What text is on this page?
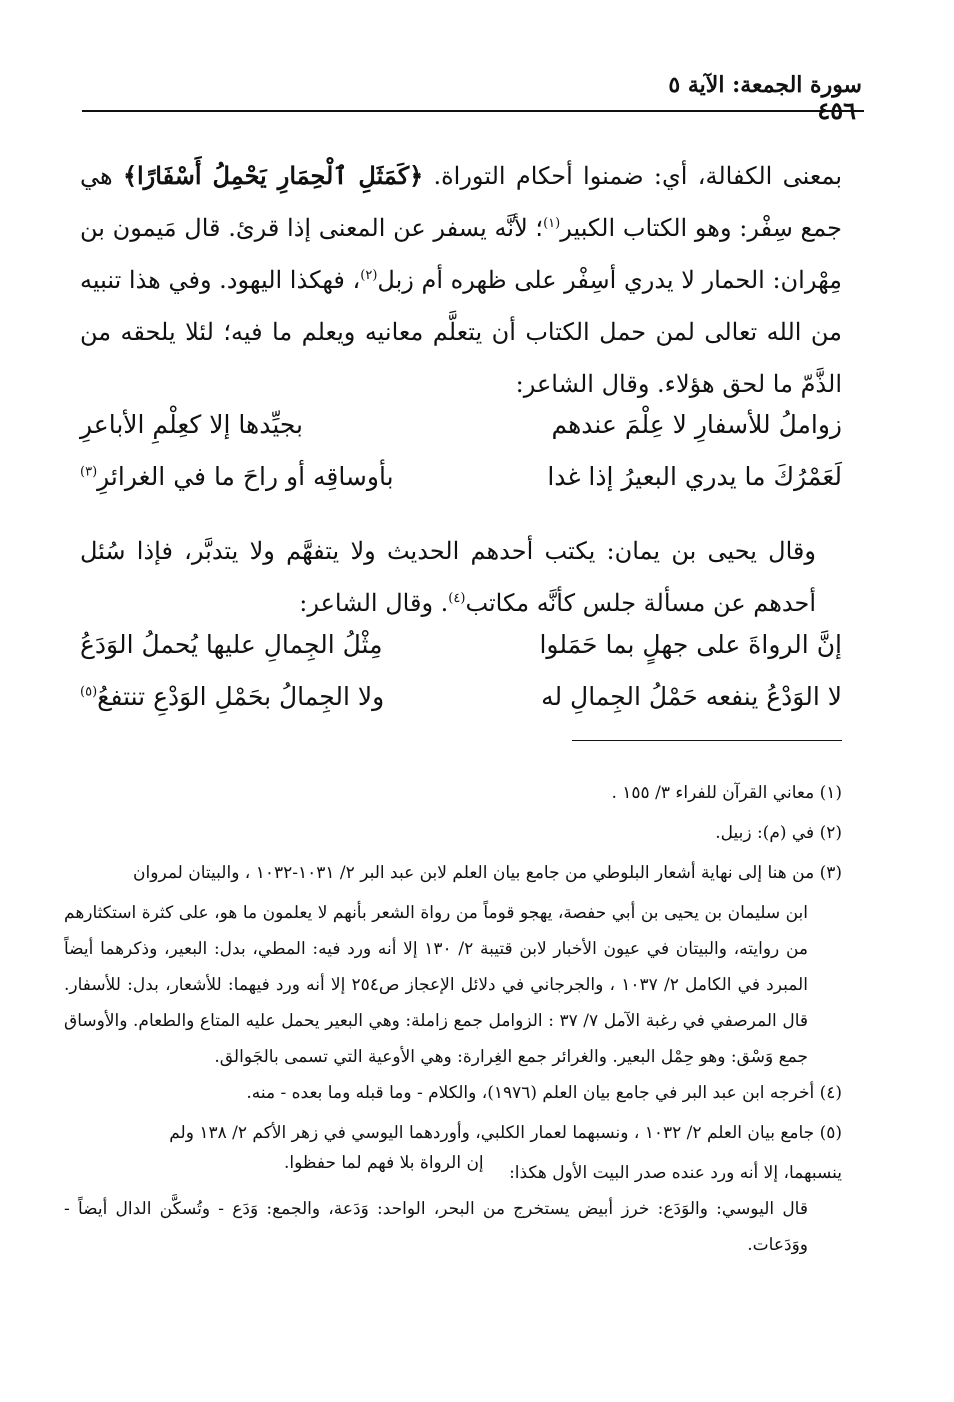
سورة الجمعة: الآية ٥
٤٥٦

بمعنى الكفالة، أي: ضمنوا أحكام التوراة. ﴿كَمَثَلِ ٱلْحِمَارِ يَحْمِلُ أَسْفَارًا﴾ هي جمع سِفْر: وهو الكتاب الكبير$^{(١)}$؛ لأنَّه يسفر عن المعنى إذا قرئ. قال مَيمون بن مِهْران: الحمار لا يدري أسِفْر على ظهره أم زبل$^{(٢)}$، فهكذا اليهود. وفي هذا تنبيه من الله تعالى لمن حمل الكتاب أن يتعلَّم معانيه ويعلم ما فيه؛ لئلا يلحقه من الذَّمّ ما لحق هؤلاء. وقال الشاعر:

زواملُ للأسفارِ لا عِلْمَ عندهم
بجيِّدها إلا كعِلْمِ الأباعرِ
لَعَمْرُكَ ما يدري البعيرُ إذا غدا
بأوساقِه أو راحَ ما في الغرائرِ$^{(٣)}$

وقال يحيى بن يمان: يكتب أحدهم الحديث ولا يتفهَّم ولا يتدبَّر، فإذا سُئل أحدهم عن مسألة جلس كأنَّه مكاتب$^{(٤)}$. وقال الشاعر:

إنَّ الرواةَ على جهلٍ بما حَمَلوا
مِثْلُ الجِمالِ عليها يُحملُ الوَدَعُ
لا الوَدْعُ ينفعه حَمْلُ الجِمالِ له
ولا الجِمالُ بحَمْلِ الوَدْعِ تنتفعُ$^{(٥)}$

(١) معاني القرآن للفراء ٣/ ١٥٥ .

(٢) في (م): زبيل.

(٣) من هنا إلى نهاية أشعار البلوطي من جامع بيان العلم لابن عبد البر ٢/ ١٠٣١-١٠٣٢ ، والبيتان لمروان

ابن سليمان بن يحيى بن أبي حفصة، يهجو قوماً من رواة الشعر بأنهم لا يعلمون ما هو، على كثرة استكثارهم من روايته، والبيتان في عيون الأخبار لابن قتيبة ٢/ ١٣٠ إلا أنه ورد فيه: المطي، بدل: البعير، وذكرهما أيضاً المبرد في الكامل ٢/ ١٠٣٧ ، والجرجاني في دلائل الإعجاز ص٢٥٤ إلا أنه ورد فيهما: للأشعار، بدل: للأسفار. قال المرصفي في رغبة الآمل ٧/ ٣٧ : الزوامل جمع زاملة: وهي البعير يحمل عليه المتاع والطعام. والأوساق جمع وَسْق: وهو حِمْل البعير. والغرائر جمع الغِرارة: وهي الأوعية التي تسمى بالجَوالق.

(٤) أخرجه ابن عبد البر في جامع بيان العلم (١٩٧٦)، والكلام - وما قبله وما بعده - منه.

(٥) جامع بيان العلم ٢/ ١٠٣٢ ، ونسبهما لعمار الكلبي، وأوردهما اليوسي في زهر الأكم ٢/ ١٣٨ ولم

ينسبهما، إلا أنه ورد عنده صدر البيت الأول هكذا:
إن الرواة بلا فهم لما حفظوا.

قال اليوسي: والوَدَع: خرز أبيض يستخرج من البحر، الواحد: وَدَعة، والجمع: وَدَع - وتُسكَّن الدال أيضاً - ووَدَعات.
